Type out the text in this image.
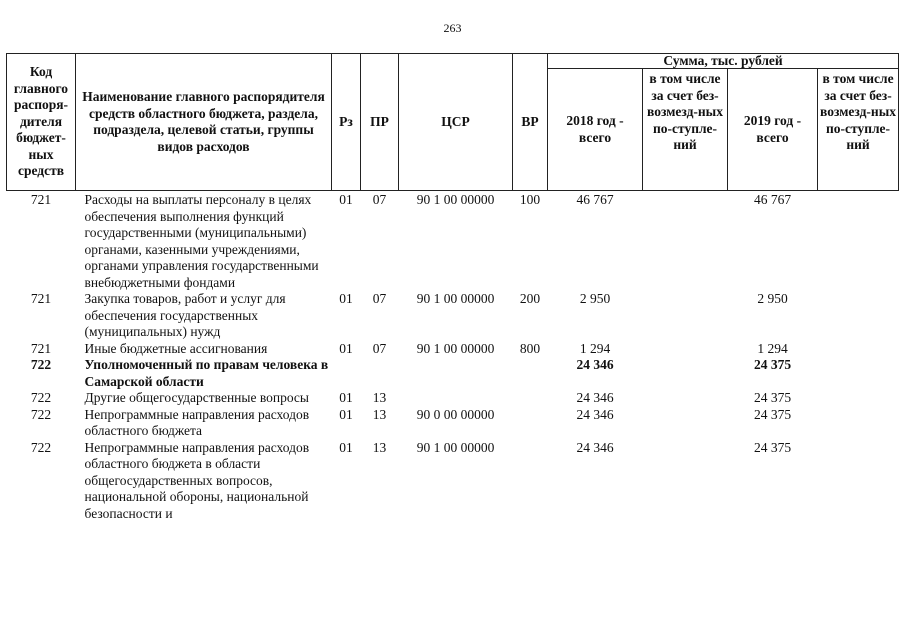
263
Код главного распоря-дителя бюджет-ных средств	Наименование главного распорядителя средств областного бюджета, раздела, подраздела, целевой статьи, группы видов расходов	Рз	ПР	ЦСР	ВР	Сумма, тыс. рублей			
						2018 год - всего	в том числе за счет без-возмезд-ных по-ступле-ний	2019 год - всего	в том числе за счет без-возмезд-ных по-ступле-ний
721	Расходы на выплаты персоналу в целях обеспечения выполнения функций государственными (муниципальными) органами, казенными учреждениями, органами управления государственными внебюджетными фондами	01	07	90 1 00 00000	100	46 767		46 767	
721	Закупка товаров, работ и услуг для обеспечения государственных (муниципальных) нужд	01	07	90 1 00 00000	200	2 950		2 950	
721	Иные бюджетные ассигнования	01	07	90 1 00 00000	800	1 294		1 294	
722	Уполномоченный по правам человека в Самарской области					24 346		24 375	
722	Другие общегосударственные вопросы	01	13			24 346		24 375	
722	Непрограммные направления расходов областного бюджета	01	13	90 0 00 00000		24 346		24 375	
722	Непрограммные направления расходов областного бюджета в области общегосударственных вопросов, национальной обороны, национальной безопасности и	01	13	90 1 00 00000		24 346		24 375	
